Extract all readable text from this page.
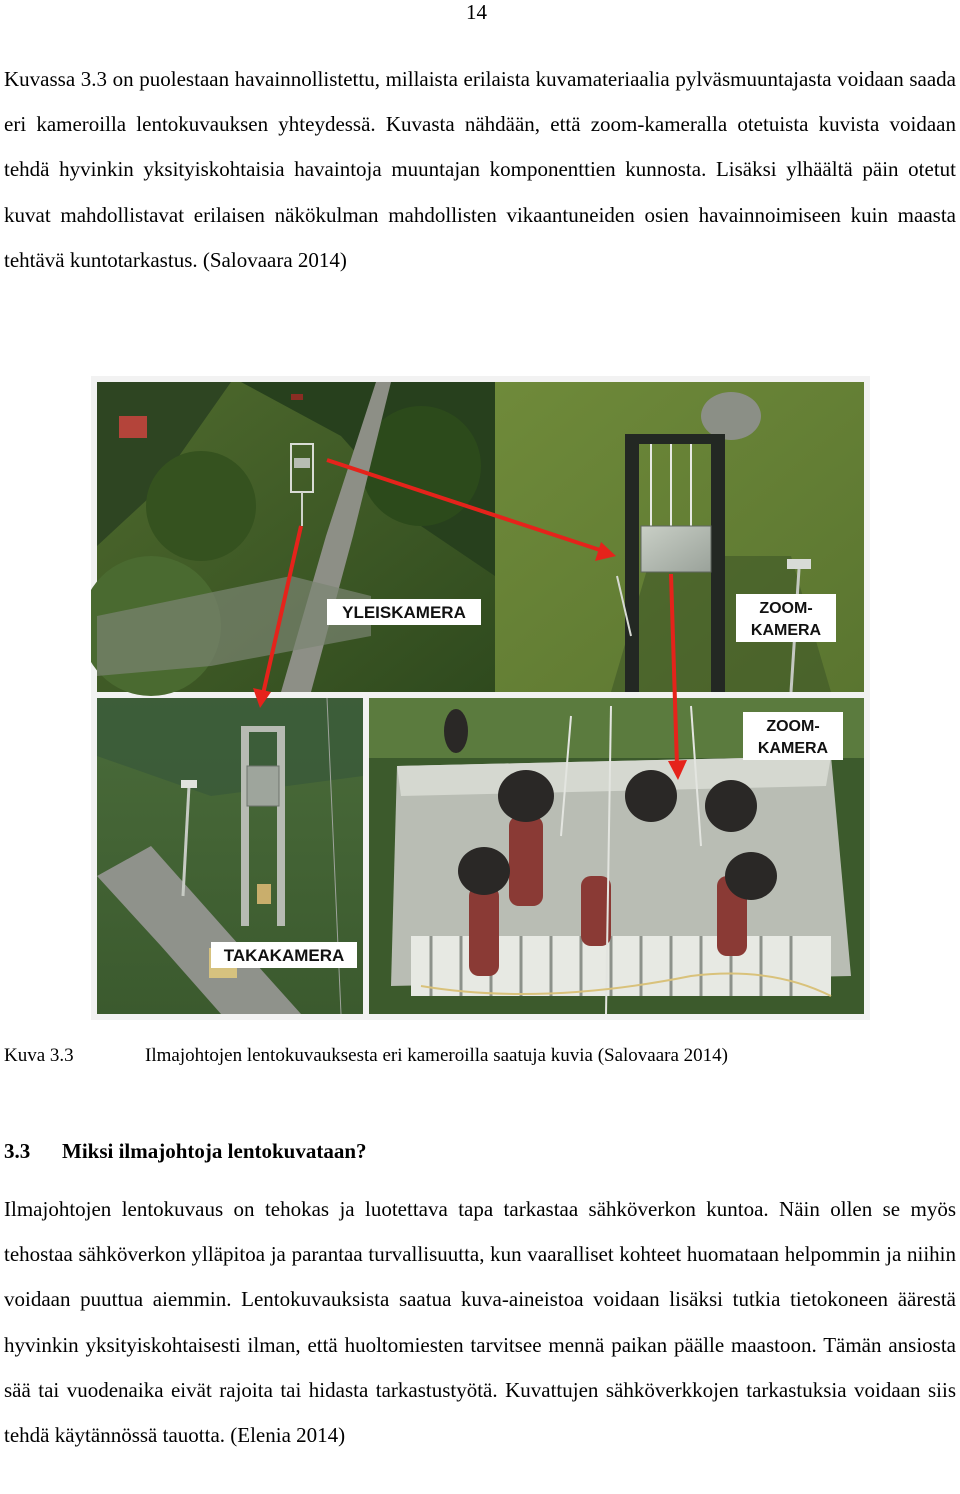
14

Kuvassa 3.3 on puolestaan havainnollistettu, millaista erilaista kuvamateriaalia pylväsmuuntajasta voidaan saada eri kameroilla lentokuvauksen yhteydessä. Kuvasta nähdään, että zoom-kameralla otetuista kuvista voidaan tehdä hyvinkin yksityiskohtaisia havaintoja muuntajan komponenttien kunnosta. Lisäksi ylhäältä päin otetut kuvat mahdollistavat erilaisen näkökulman mahdollisten vikaantuneiden osien havainnoimiseen kuin maasta tehtävä kuntotarkastus. (Salovaara 2014)

YLEISKAMERA	ZOOM-
KAMERA
TAKAKAMERA
ZOOM-
KAMERA
Kuva 3.3	Ilmajohtojen lentokuvauksesta eri kameroilla saatuja kuvia (Salovaara 2014)
3.3 Miksi ilmajohtoja lentokuvataan?

Ilmajohtojen lentokuvaus on tehokas ja luotettava tapa tarkastaa sähköverkon kuntoa. Näin ollen se myös tehostaa sähköverkon ylläpitoa ja parantaa turvallisuutta, kun vaaralliset kohteet huomataan helpommin ja niihin voidaan puuttua aiemmin. Lentokuvauksista saatua kuva-aineistoa voidaan lisäksi tutkia tietokoneen äärestä hyvinkin yksityiskohtaisesti ilman, että huoltomiesten tarvitsee mennä paikan päälle maastoon. Tämän ansiosta sää tai vuodenaika eivät rajoita tai hidasta tarkastustyötä. Kuvattujen sähköverkkojen tarkastuksia voidaan siis tehdä käytännössä tauotta. (Elenia 2014)
